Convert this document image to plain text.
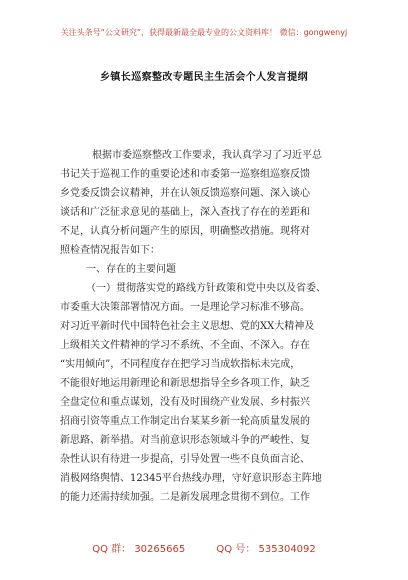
关注头条号“公文研究”，获得最新最全最专业的公文资料库！ 微信：gongwenyj
乡镇长巡察整改专题民主生活会个人发言提纲
根据市委巡察整改工作要求，我认真学习了习近平总
书记关于巡视工作的重要论述和市委第一巡察组巡察反馈
乡党委反馈会议精神，并在认领反馈巡察问题、深入谈心
谈话和广泛征求意见的基础上，深入查找了存在的差距和
不足，认真分析问题产生的原因，明确整改措施。现将对
照检查情况报告如下：
一、存在的主要问题
（一）贯彻落实党的路线方针政策和党中央以及省委、
市委重大决策部署情况方面。一是理论学习标准不够高。
对习近平新时代中国特色社会主义思想、党的XX大精神及
上级相关文件精神的学习不系统、不全面、不深入。存在
“实用倾向”，不同程度存在把学习当成软指标未完成，
不能很好地运用新理论和新思想指导全乡各项工作，缺乏
全盘定位和重点谋划，没有及时围绕产业发展、乡村振兴
招商引资等重点工作制定出台某某乡新一轮高质量发展的
新思路、新举措。对当前意识形态领域斗争的严峻性、复
杂性认识有待进一步提高，引导处置一些不良负面言论、
消极网络舆情、12345平台热线办理，守好意识形态主阵地
的能力还需持续加强。二是新发展理念贯彻不到位。工作
QQ 群： 30265665	QQ 号： 535304092
